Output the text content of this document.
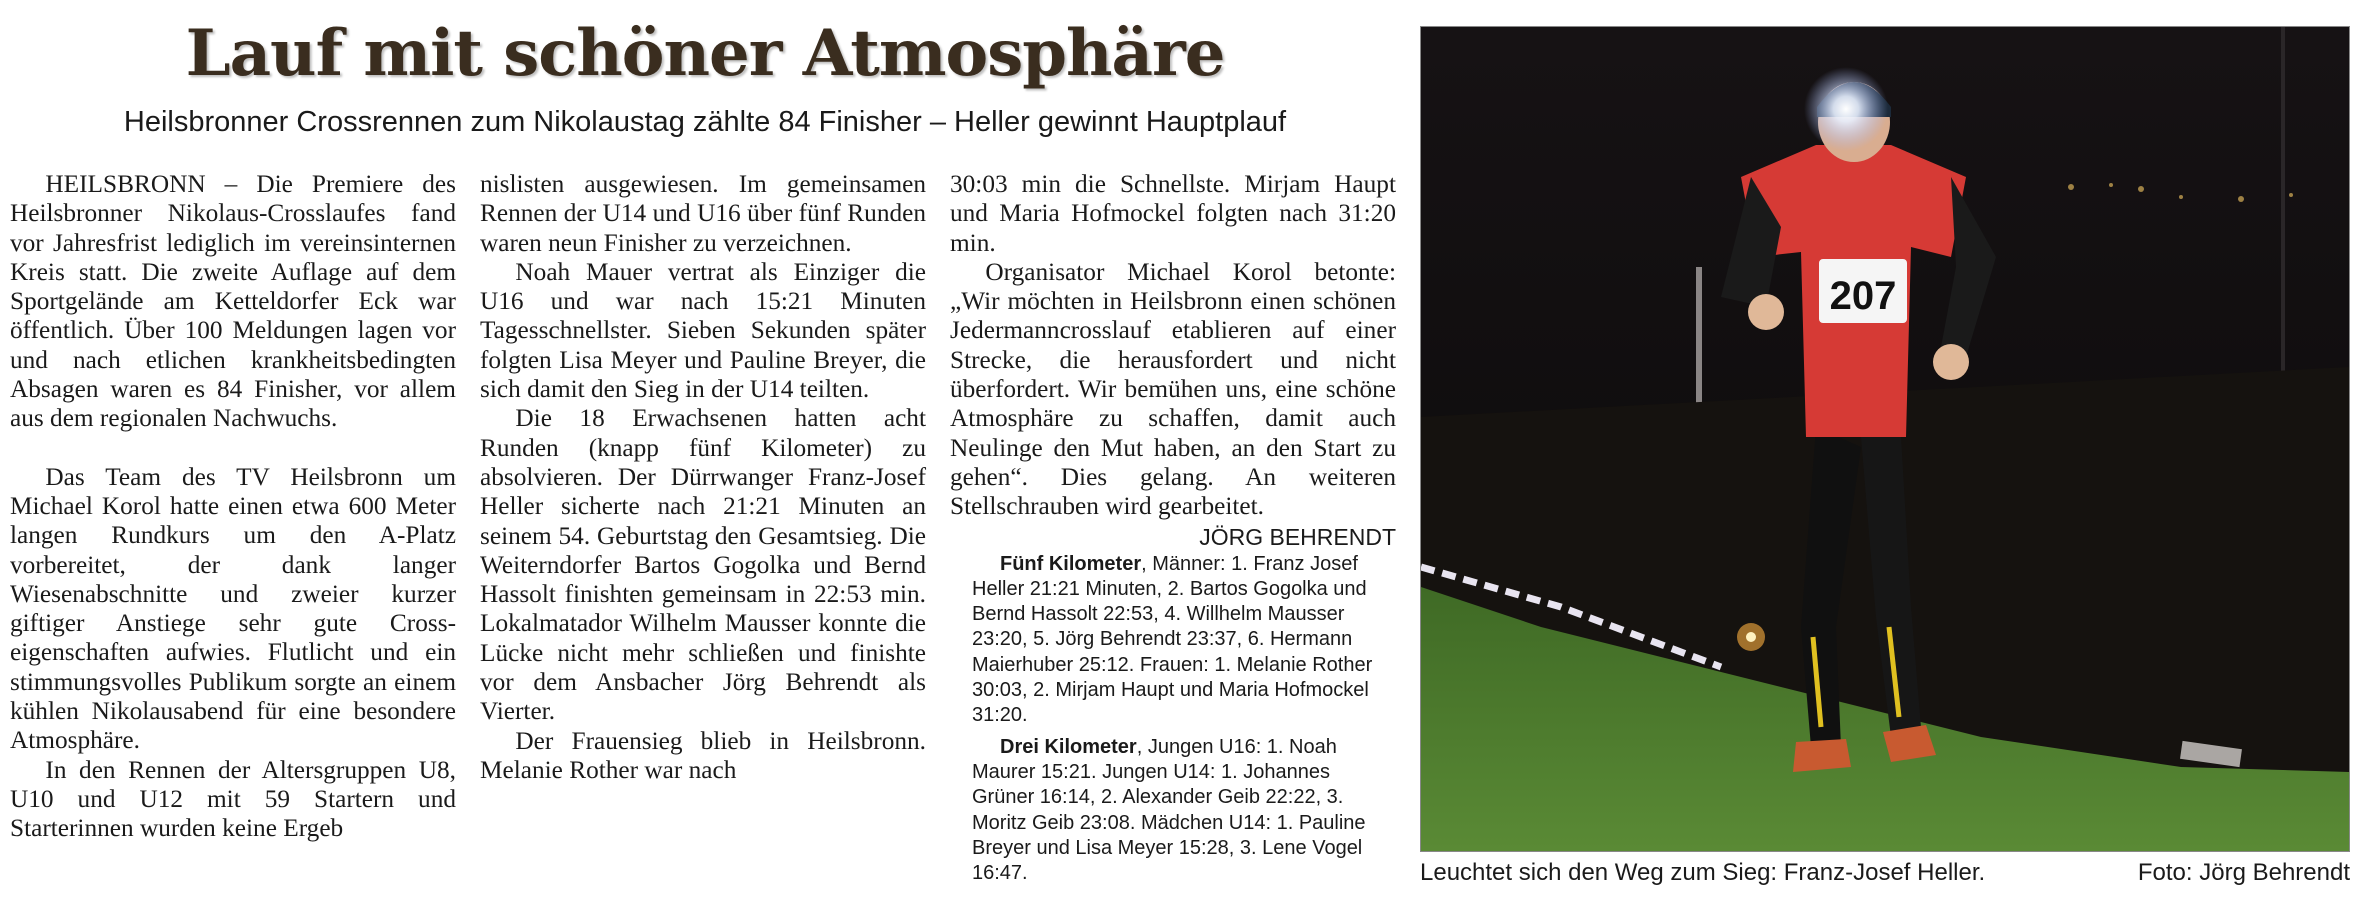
Lauf mit schöner Atmosphäre
Heilsbronner Crossrennen zum Nikolaustag zählte 84 Finisher – Heller gewinnt Hauptplauf

HEILSBRONN – Die Premiere des Heilsbronner Nikolaus-Crosslaufes fand vor Jahresfrist lediglich im vereinsinternen Kreis statt. Die zweite Auflage auf dem Sportgelände am Ketteldorfer Eck war öffentlich. Über 100 Meldungen lagen vor und nach etlichen krankheitsbedingten Absagen waren es 84 Finisher, vor allem aus dem regionalen Nachwuchs.

Das Team des TV Heilsbronn um Michael Korol hatte einen etwa 600 Meter langen Rundkurs um den A-Platz vorbereitet, der dank langer Wiesenabschnitte und zweier kurzer giftiger Anstiege sehr gute Crosseigenschaften aufwies. Flutlicht und ein stimmungsvolles Publikum sorgte an einem kühlen Nikolausabend für eine besondere Atmosphäre.

In den Rennen der Altersgruppen U8, U10 und U12 mit 59 Startern und Starterinnen wurden keine Ergeb

nislisten ausgewiesen. Im gemeinsamen Rennen der U14 und U16 über fünf Runden waren neun Finisher zu verzeichnen.

Noah Mauer vertrat als Einziger die U16 und war nach 15:21 Minuten Tagesschnellster. Sieben Sekunden später folgten Lisa Meyer und Pauline Breyer, die sich damit den Sieg in der U14 teilten.

Die 18 Erwachsenen hatten acht Runden (knapp fünf Kilometer) zu absolvieren. Der Dürrwanger Franz-Josef Heller sicherte nach 21:21 Minuten an seinem 54. Geburtstag den Gesamtsieg. Die Weiterndorfer Bartos Gogolka und Bernd Hassolt finishten gemeinsam in 22:53 min. Lokalmatador Wilhelm Mausser konnte die Lücke nicht mehr schließen und finishte vor dem Ansbacher Jörg Behrendt als Vierter.

Der Frauensieg blieb in Heilsbronn. Melanie Rother war nach

30:03 min die Schnellste. Mirjam Haupt und Maria Hofmockel folgten nach 31:20 min.

Organisator Michael Korol betonte: „Wir möchten in Heilsbronn einen schönen Jedermanncrosslauf etablieren auf einer Strecke, die herausfordert und nicht überfordert. Wir bemühen uns, eine schöne Atmosphäre zu schaffen, damit auch Neulinge den Mut haben, an den Start zu gehen“. Dies gelang. An weiteren Stellschrauben wird gearbeitet.

JÖRG BEHRENDT

Fünf Kilometer, Männer: 1. Franz Josef Heller 21:21 Minuten, 2. Bartos Gogolka und Bernd Hassolt 22:53, 4. Willhelm Mausser 23:20, 5. Jörg Behrendt 23:37, 6. Hermann Maierhuber 25:12. Frauen: 1. Melanie Rother 30:03, 2. Mirjam Haupt und Maria Hofmockel 31:20.

Drei Kilometer, Jungen U16: 1. Noah Maurer 15:21. Jungen U14: 1. Johannes Grüner 16:14, 2. Alexander Geib 22:22, 3. Moritz Geib 23:08. Mädchen U14: 1. Pauline Breyer und Lisa Meyer 15:28, 3. Lene Vogel 16:47.

207
Leuchtet sich den Weg zum Sieg: Franz-Josef Heller.	Foto: Jörg Behrendt
